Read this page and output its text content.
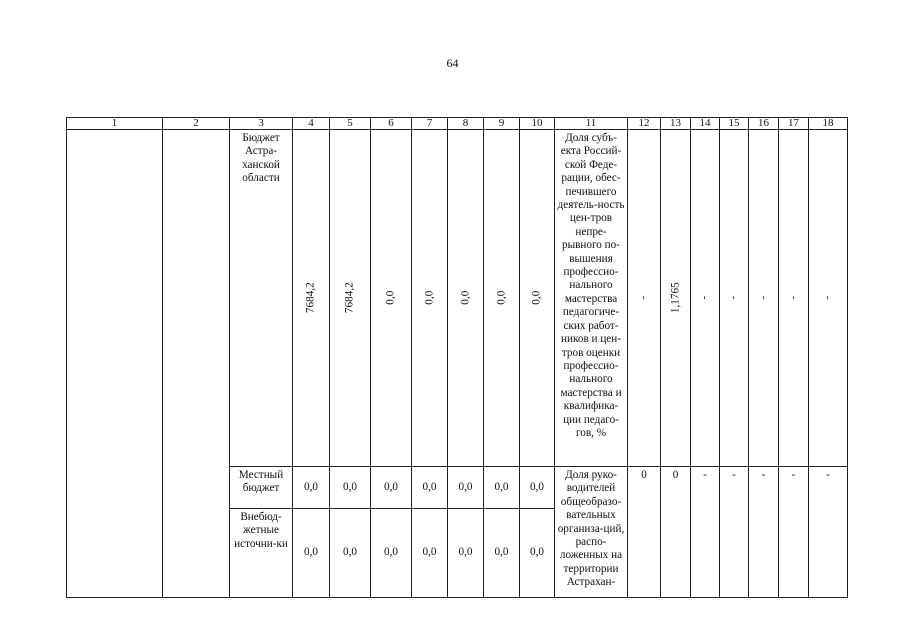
64
1	2	3	4	5	6	7	8	9	10	11	12	13	14	15	16	17	18
		Бюджет Астра-ханской области	7684,2	7684,2	0,0	0,0	0,0	0,0	0,0	Доля субъ-екта Россий-ской Феде-рации, обес-печившего деятель-ность цен-тров непре-рывного по-вышения профессио-нального мастерства педагогиче-ских работ-ников и цен-тров оценки профессио-нального мастерства и квалифика-ции педаго-гов, %	-	1,1765	-	-	-	-	-
		Местный бюджет	0,0	0,0	0,0	0,0	0,0	0,0	0,0	Доля руко-водителей общеобразо-вательных организа-ций, распо-ложенных на территории Астрахан-	0	0	-	-	-	-	-
		Внебюд-жетные источни-ки	0,0	0,0	0,0	0,0	0,0	0,0	0,0								
